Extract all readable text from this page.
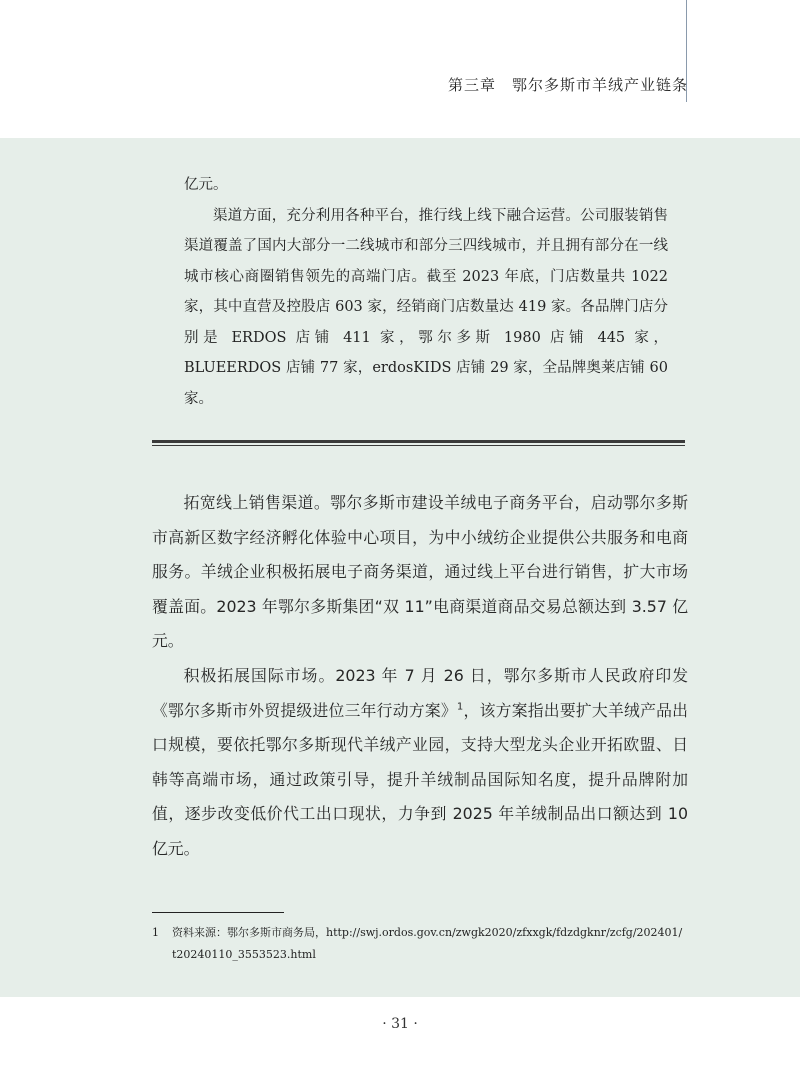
第三章　鄂尔多斯市羊绒产业链条

亿元。

渠道方面，充分利用各种平台，推行线上线下融合运营。公司服装销售渠道覆盖了国内大部分一二线城市和部分三四线城市，并且拥有部分在一线城市核心商圈销售领先的高端门店。截至 2023 年底，门店数量共 1022 家，其中直营及控股店 603 家，经销商门店数量达 419 家。各品牌门店分别是 ERDOS 店铺 411 家，鄂尔多斯 1980 店铺 445 家，BLUEERDOS 店铺 77 家，erdosKIDS 店铺 29 家，全品牌奥莱店铺 60 家。

拓宽线上销售渠道。鄂尔多斯市建设羊绒电子商务平台，启动鄂尔多斯市高新区数字经济孵化体验中心项目，为中小绒纺企业提供公共服务和电商服务。羊绒企业积极拓展电子商务渠道，通过线上平台进行销售，扩大市场覆盖面。2023 年鄂尔多斯集团“双 11”电商渠道商品交易总额达到 3.57 亿元。

积极拓展国际市场。2023 年 7 月 26 日，鄂尔多斯市人民政府印发《鄂尔多斯市外贸提级进位三年行动方案》$^1$，该方案指出要扩大羊绒产品出口规模，要依托鄂尔多斯现代羊绒产业园，支持大型龙头企业开拓欧盟、日韩等高端市场，通过政策引导，提升羊绒制品国际知名度，提升品牌附加值，逐步改变低价代工出口现状，力争到 2025 年羊绒制品出口额达到 10 亿元。

1 资料来源：鄂尔多斯市商务局，http://swj.ordos.gov.cn/zwgk2020/zfxxgk/fdzdgknr/zcfg/202401/
t20240110_3553523.html
· 31 ·
